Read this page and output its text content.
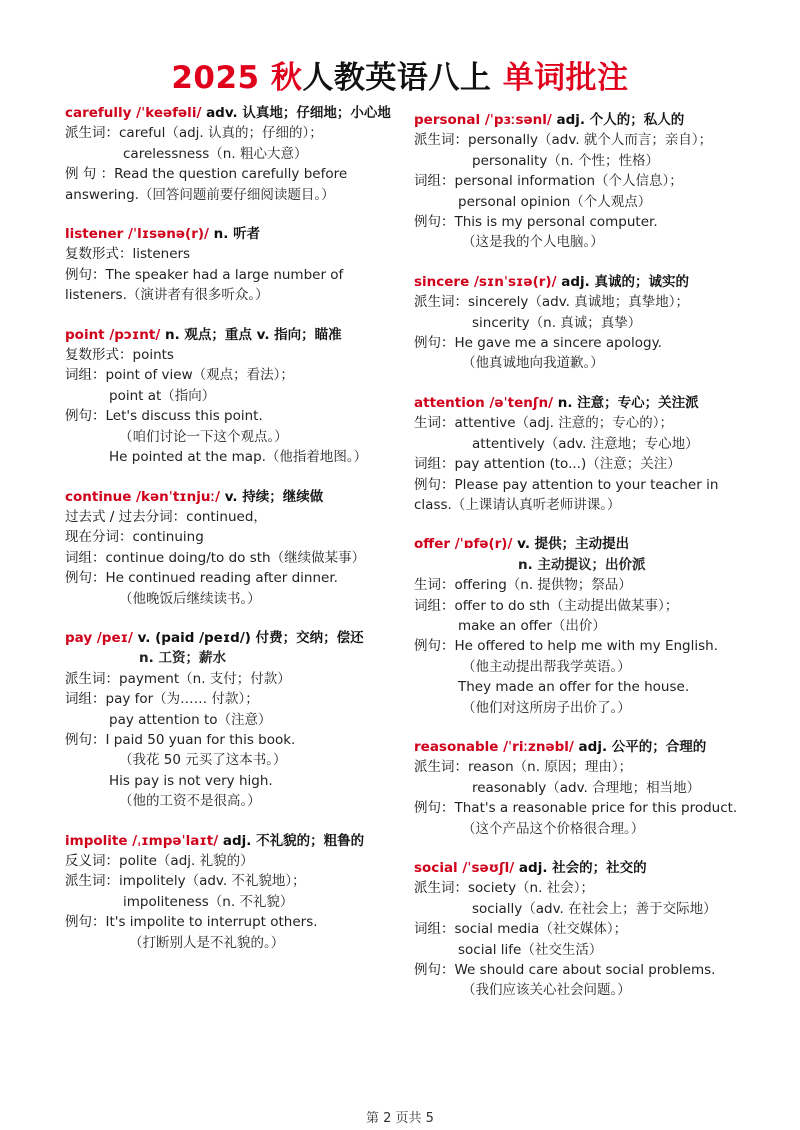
2025 秋人教英语八上 单词批注
carefully /ˈkeəfəli/ adv. 认真地；仔细地；小心地
派生词：careful（adj. 认真的；仔细的）；
carelessness（n. 粗心大意）
例 句 ：Read the question carefully before
answering.（回答问题前要仔细阅读题目。）
listener /ˈlɪsənə(r)/ n. 听者
复数形式：listeners
例句：The speaker had a large number of
listeners.（演讲者有很多听众。）
point /pɔɪnt/ n. 观点；重点 v. 指向；瞄准
复数形式：points
词组：point of view（观点；看法）；
point at（指向）
例句：Let's discuss this point.
（咱们讨论一下这个观点。）
He pointed at the map.（他指着地图。）
continue /kənˈtɪnjuː/ v. 持续；继续做
过去式 / 过去分词：continued，
现在分词：continuing
词组：continue doing/to do sth（继续做某事）
例句：He continued reading after dinner.
（他晚饭后继续读书。）
pay /peɪ/ v. (paid /peɪd/) 付费；交纳；偿还
n. 工资；薪水
派生词：payment（n. 支付；付款）
词组：pay for（为…… 付款）；
pay attention to（注意）
例句：I paid 50 yuan for this book.
（我花 50 元买了这本书。）
His pay is not very high.
（他的工资不是很高。）
impolite /ˌɪmpəˈlaɪt/ adj. 不礼貌的；粗鲁的
反义词：polite（adj. 礼貌的）
派生词：impolitely（adv. 不礼貌地）；
impoliteness（n. 不礼貌）
例句：It's impolite to interrupt others.
（打断别人是不礼貌的。）
personal /ˈpɜːsənl/ adj. 个人的；私人的
派生词：personally（adv. 就个人而言；亲自）；
personality（n. 个性；性格）
词组：personal information（个人信息）；
personal opinion（个人观点）
例句：This is my personal computer.
（这是我的个人电脑。）
sincere /sɪnˈsɪə(r)/ adj. 真诚的；诚实的
派生词：sincerely（adv. 真诚地；真挚地）；
sincerity（n. 真诚；真挚）
例句：He gave me a sincere apology.
（他真诚地向我道歉。）
attention /əˈtenʃn/ n. 注意；专心；关注派
生词：attentive（adj. 注意的；专心的）；
attentively（adv. 注意地；专心地）
词组：pay attention (to...)（注意；关注）
例句：Please pay attention to your teacher in
class.（上课请认真听老师讲课。）
offer /ˈɒfə(r)/ v. 提供；主动提出
n. 主动提议；出价派
生词：offering（n. 提供物；祭品）
词组：offer to do sth（主动提出做某事）；
make an offer（出价）
例句：He offered to help me with my English.
（他主动提出帮我学英语。）
They made an offer for the house.
（他们对这所房子出价了。）
reasonable /ˈriːznəbl/ adj. 公平的；合理的
派生词：reason（n. 原因；理由）；
reasonably（adv. 合理地；相当地）
例句：That's a reasonable price for this product.
（这个产品这个价格很合理。）
social /ˈsəʊʃl/ adj. 社会的；社交的
派生词：society（n. 社会）；
socially（adv. 在社会上；善于交际地）
词组：social media（社交媒体）；
social life（社交生活）
例句：We should care about social problems.
（我们应该关心社会问题。）
第 2 页共 5
